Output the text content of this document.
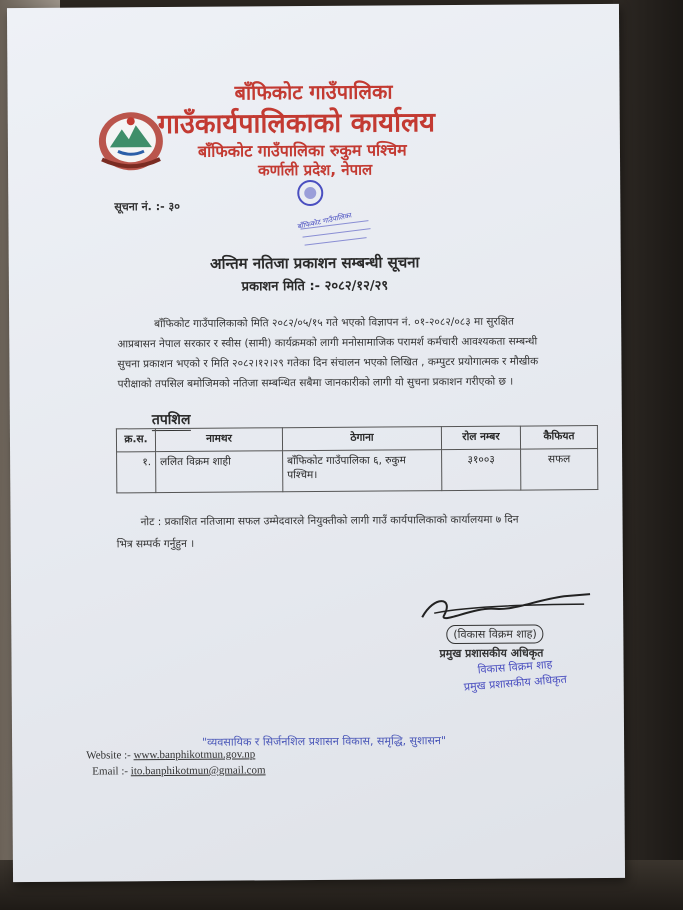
बाँफिकोट गाउँपालिका
गाउँकार्यपालिकाको कार्यालय
बाँफिकोट गाउँपालिका रुकुम पश्चिम
कर्णाली प्रदेश, नेपाल
बाँफिकोट गाउँपालिका
सूचना नं. :- ३०
अन्तिम नतिजा प्रकाशन सम्बन्धी सूचना
प्रकाशन मिति :- २०८२/१२/२९
बाँफिकोट गाउँपालिकाको मिति २०८२/०५/१५ गते भएको विज्ञापन नं. ०१-२०८२/०८३ मा सुरक्षित
आप्रबासन नेपाल सरकार र स्वीस (सामी) कार्यक्रमको लागी मनोसामाजिक परामर्श कर्मचारी आवश्यकता सम्बन्धी
सुचना प्रकाशन भएको र मिति २०८२।१२।२९ गतेका दिन संचालन भएको लिखित , कम्पुटर प्रयोगात्मक र मौखीक
परीक्षाको तपसिल बमोजिमको नतिजा सम्बन्धित सबैमा जानकारीको लागी यो सुचना प्रकाशन गरीएको छ ।
तपशिल
क्र.स.	नामथर	ठेगाना	रोल नम्बर	कैफियत
१.	ललित विक्रम शाही	बाँफिकोट गाउँपालिका ६, रुकुम पश्चिम।	३१००३	सफल
नोट : प्रकाशित नतिजामा सफल उम्मेदवारले नियुक्तीको लागी गाउँ कार्यपालिकाको कार्यालयमा ७ दिन
भित्र सम्पर्क गर्नुहुन ।
(विकास विक्रम शाह)
प्रमुख प्रशासकीय अधिकृत
विकास विक्रम शाह
प्रमुख प्रशासकीय अधिकृत
"व्यवसायिक र सिर्जनशिल प्रशासन विकास, समृद्धि, सुशासन"
Website :- www.banphikotmun.gov.np
Email :- ito.banphikotmun@gmail.com
